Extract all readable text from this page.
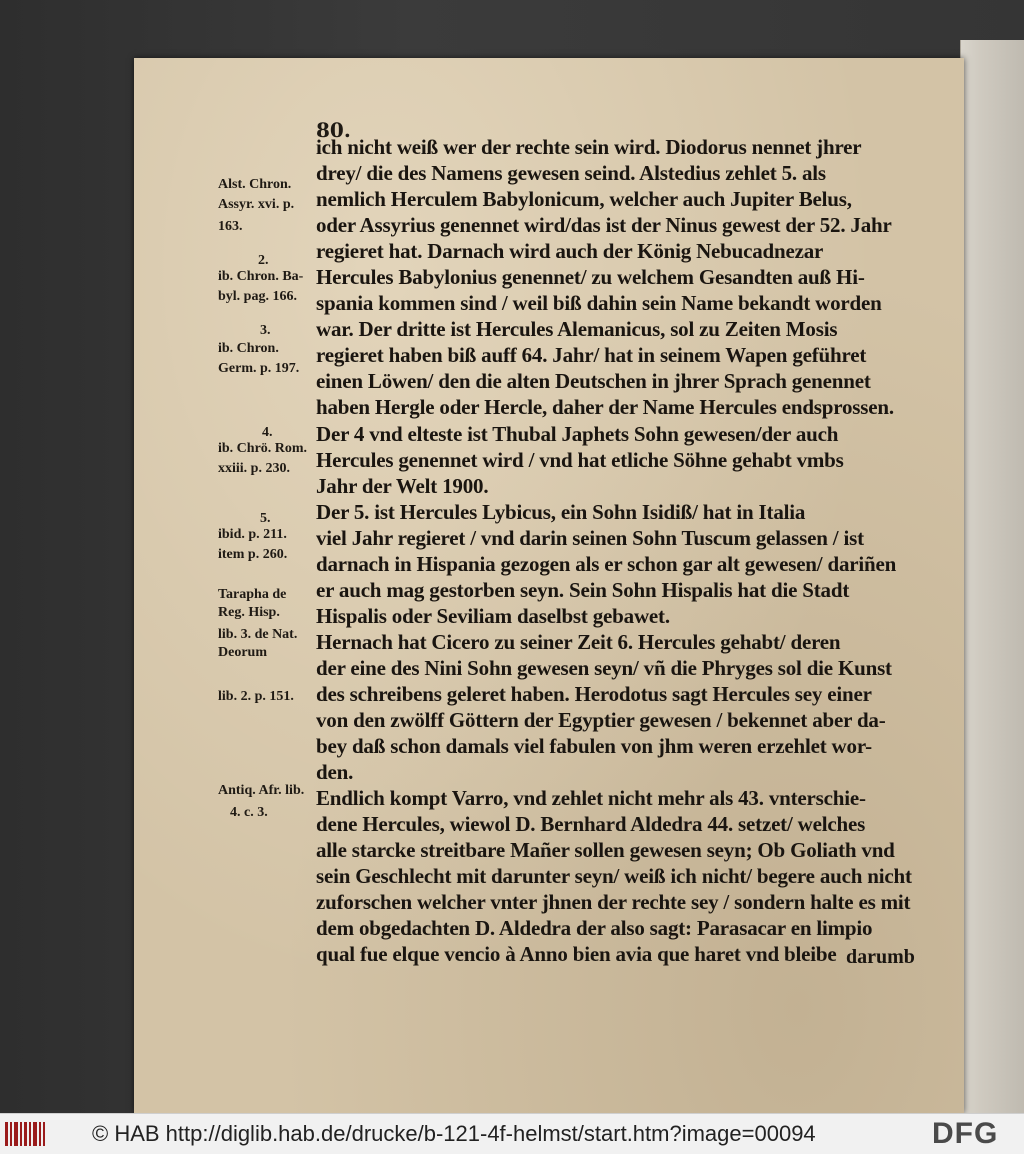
80.
ich nicht weiß wer der rechte sein wird. Diodorus nennet jhrer
drey/ die des Namens gewesen seind. Alstedius zehlet 5. als
nemlich Herculem Babylonicum, welcher auch Jupiter Belus,
oder Assyrius genennet wird/das ist der Ninus gewest der 52. Jahr
regieret hat. Darnach wird auch der König Nebucadnezar
Hercules Babylonius genennet/ zu welchem Gesandten auß Hi-
spania kommen sind / weil biß dahin sein Name bekandt worden
war. Der dritte ist Hercules Alemanicus, sol zu Zeiten Mosis
regieret haben biß auff 64. Jahr/ hat in seinem Wapen geführet
einen Löwen/ den die alten Deutschen in jhrer Sprach genennet
haben Hergle oder Hercle, daher der Name Hercules endsprossen.
Der 4 vnd elteste ist Thubal Japhets Sohn gewesen/der auch
Hercules genennet wird / vnd hat etliche Söhne gehabt vmbs
Jahr der Welt 1900.
Der 5. ist Hercules Lybicus, ein Sohn Isidiß/ hat in Italia
viel Jahr regieret / vnd darin seinen Sohn Tuscum gelassen / ist
darnach in Hispania gezogen als er schon gar alt gewesen/ dariñen
er auch mag gestorben seyn. Sein Sohn Hispalis hat die Stadt
Hispalis oder Seviliam daselbst gebawet.
Hernach hat Cicero zu seiner Zeit 6. Hercules gehabt/ deren
der eine des Nini Sohn gewesen seyn/ vñ die Phryges sol die Kunst
des schreibens geleret haben. Herodotus sagt Hercules sey einer
von den zwölff Göttern der Egyptier gewesen / bekennet aber da-
bey daß schon damals viel fabulen von jhm weren erzehlet wor-
den.
Endlich kompt Varro, vnd zehlet nicht mehr als 43. vnterschie-
dene Hercules, wiewol D. Bernhard Aldedra 44. setzet/ welches
alle starcke streitbare Mañer sollen gewesen seyn; Ob Goliath vnd
sein Geschlecht mit darunter seyn/ weiß ich nicht/ begere auch nicht
zuforschen welcher vnter jhnen der rechte sey / sondern halte es mit
dem obgedachten D. Aldedra der also sagt: Parasacar en limpio
qual fue elque vencio à Anno bien avia que haret vnd bleibe darumb
Alst. Chron.
Assyr. xvi. p.
163.
2.
ib. Chron. Ba-
byl. pag. 166.
3.
ib. Chron.
Germ. p. 197.
4.
ib. Chrö. Rom.
xxiii. p. 230.
5.
ibid. p. 211.
item p. 260.
Tarapha de
Reg. Hisp.
lib. 3. de Nat.
Deorum
lib. 2. p. 151.
Antiq. Afr. lib.
4. c. 3.
© HAB http://diglib.hab.de/drucke/b-121-4f-helmst/start.htm?image=00094	DFG
